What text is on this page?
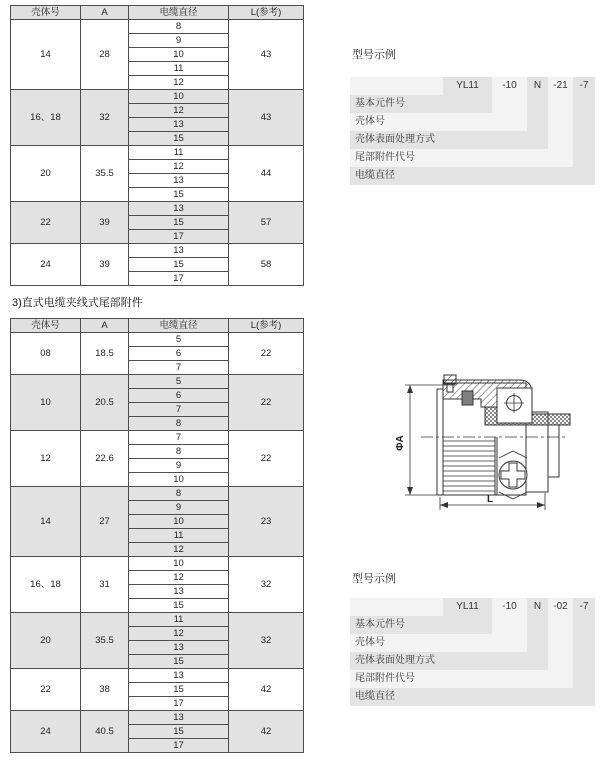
壳体号	A	电缆直径	L(参考)
14	28	8	43
		9	
		10	
		11	
		12	
16、18	32	10	43
		12	
		13	
		15	
20	35.5	11	44
		12	
		13	
		15	
22	39	13	57
		15	
		17	
24	39	13	58
		15	
		17	
3)直式电缆夹线式尾部附件
壳体号	A	电缆直径	L(参考)
08	18.5	5	22
		6	
		7	
10	20.5	5	22
		6	
		7	
		8	
12	22.6	7	22
		8	
		9	
		10	
14	27	8	23
		9	
		10	
		11	
		12	
16、18	31	10	32
		12	
		13	
		15	
20	35.5	11	32
		12	
		13	
		15	
22	38	13	42
		15	
		17	
24	40.5	13	42
		15	
		17	
型号示例
YL11	-10	N	-21	-7
基本元件号
壳体号
壳体表面处理方式
尾部附件代号
电缆直径
ΦA
L
型号示例
YL11	-10	N	-02	-7
基本元件号
壳体号
壳体表面处理方式
尾部附件代号
电缆直径
